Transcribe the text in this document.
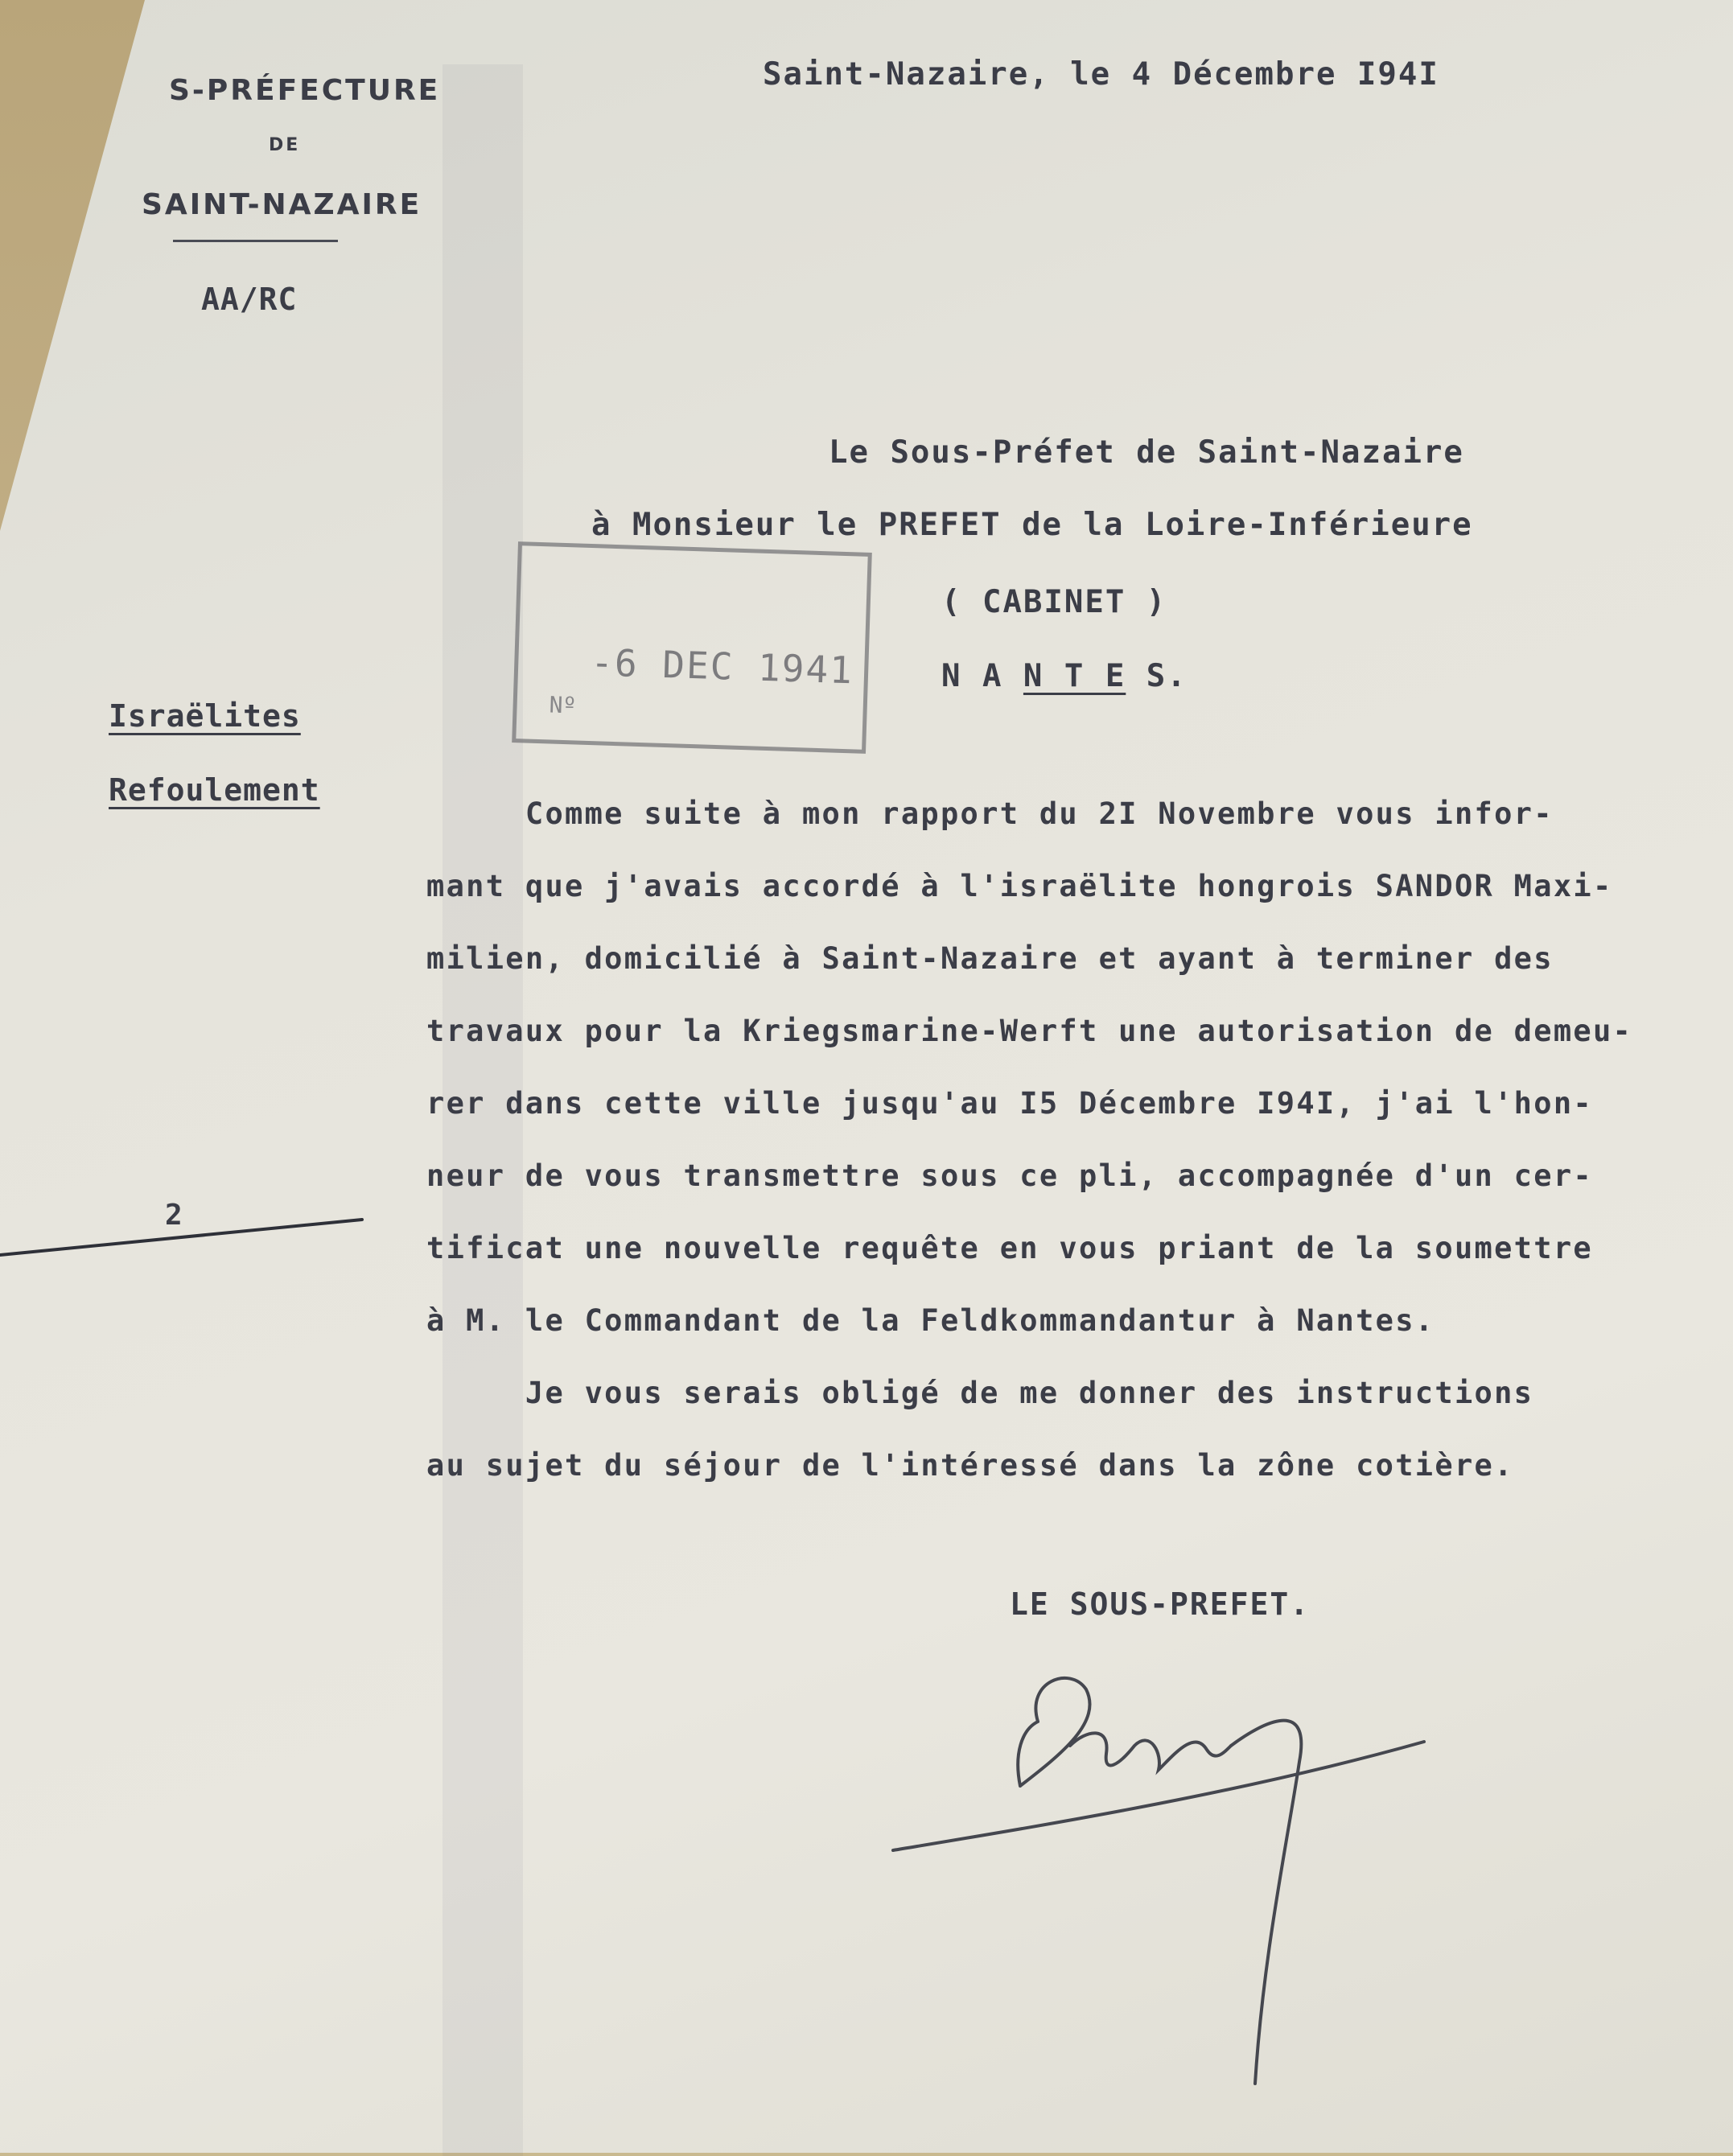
S-PRÉFECTURE
DE
SAINT-NAZAIRE
AA/RC
Saint-Nazaire, le 4 Décembre I94I
Le Sous-Préfet de Saint-Nazaire
à Monsieur le PREFET de la Loire-Inférieure
( CABINET )
N A N T E S.
-6 DEC 1941
Nº
Israëlites
Refoulement
2
Comme suite à mon rapport du 2I Novembre vous infor-
mant que j'avais accordé à l'israëlite hongrois SANDOR Maxi-
milien, domicilié à Saint-Nazaire et ayant à terminer des
travaux pour la Kriegsmarine-Werft une autorisation de demeu-
rer dans cette ville jusqu'au I5 Décembre I94I, j'ai l'hon-
neur de vous transmettre sous ce pli, accompagnée d'un cer-
tificat une nouvelle requête en vous priant de la soumettre
à M. le Commandant de la Feldkommandantur à Nantes.
Je vous serais obligé de me donner des instructions
au sujet du séjour de l'intéressé dans la zône cotière.
LE SOUS-PREFET.
